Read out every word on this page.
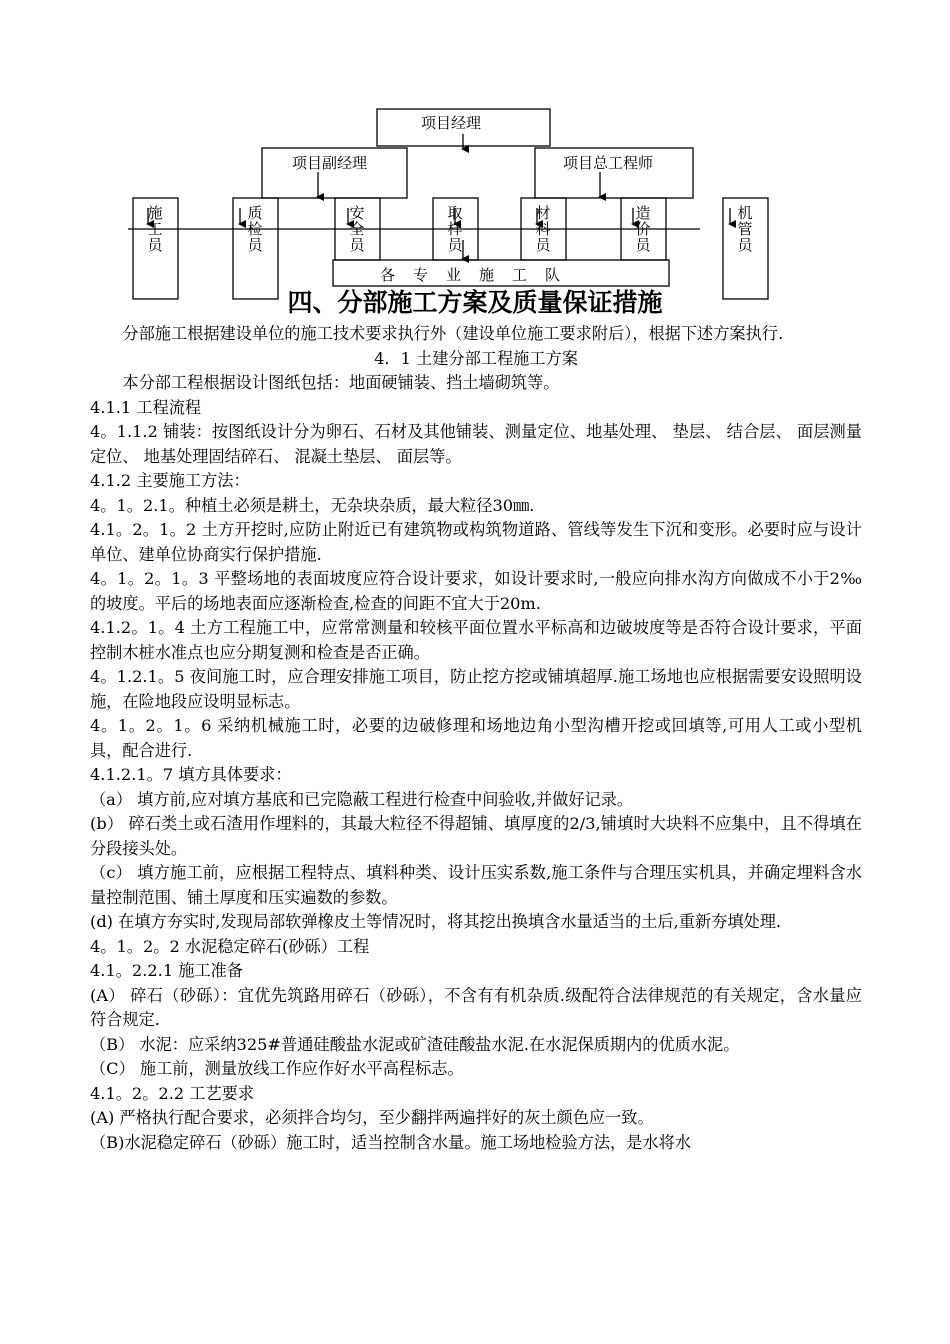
项目经理
项目副经理	项目总工程师
施工员
质检员
安全员
取样员
材料员
造价员
机管员
各专业施工队
四、分部施工方案及质量保证措施

分部施工根据建设单位的施工技术要求执行外（建设单位施工要求附后），根据下述方案执行.

4．1 土建分部工程施工方案

本分部工程根据设计图纸包括：地面硬铺装、挡土墙砌筑等。

4.1.1 工程流程

4。1.1.2 铺装：按图纸设计分为卵石、石材及其他铺装、测量定位、地基处理、 垫层、 结合层、 面层测量定位、 地基处理固结碎石、 混凝土垫层、 面层等。

4.1.2 主要施工方法：

4。1。2.1。种植土必须是耕土，无杂块杂质，最大粒径30㎜.

4.1。2。1。2 土方开挖时,应防止附近已有建筑物或构筑物道路、管线等发生下沉和变形。必要时应与设计单位、建单位协商实行保护措施.

4。1。2。1。3 平整场地的表面坡度应符合设计要求，如设计要求时,一般应向排水沟方向做成不小于2‰的坡度。平后的场地表面应逐渐检查,检查的间距不宜大于20m.

4.1.2。1。4 土方工程施工中，应常常测量和较核平面位置水平标高和边破坡度等是否符合设计要求，平面控制木桩水准点也应分期复测和检查是否正确。

4。1.2.1。5 夜间施工时，应合理安排施工项目，防止挖方挖或铺填超厚.施工场地也应根据需要安设照明设施，在险地段应设明显标志。

4。1。2。1。6 采纳机械施工时，必要的边破修理和场地边角小型沟槽开挖或回填等,可用人工或小型机具，配合进行.

4.1.2.1。7 填方具体要求：

（a） 填方前,应对填方基底和已完隐蔽工程进行检查中间验收,并做好记录。

(b） 碎石类土或石渣用作埋料的，其最大粒径不得超铺、填厚度的2/3,铺填时大块料不应集中，且不得填在分段接头处。

（c） 填方施工前，应根据工程特点、填料种类、设计压实系数,施工条件与合理压实机具，并确定埋料含水量控制范围、铺土厚度和压实遍数的参数。

(d) 在填方夯实时,发现局部软弹橡皮土等情况时，将其挖出换填含水量适当的土后,重新夯填处理.

4。1。2。2 水泥稳定碎石(砂砾）工程

4.1。2.2.1 施工准备

(A） 碎石（砂砾）：宜优先筑路用碎石（砂砾），不含有有机杂质.级配符合法律规范的有关规定，含水量应符合规定.

（B） 水泥：应采纳325#普通硅酸盐水泥或矿渣硅酸盐水泥.在水泥保质期内的优质水泥。

（C） 施工前，测量放线工作应作好水平高程标志。

4.1。2。2.2 工艺要求

(A) 严格执行配合要求，必须拌合均匀，至少翻拌两遍拌好的灰土颜色应一致。

（B)水泥稳定碎石（砂砾）施工时，适当控制含水量。施工场地检验方法，是水将水
